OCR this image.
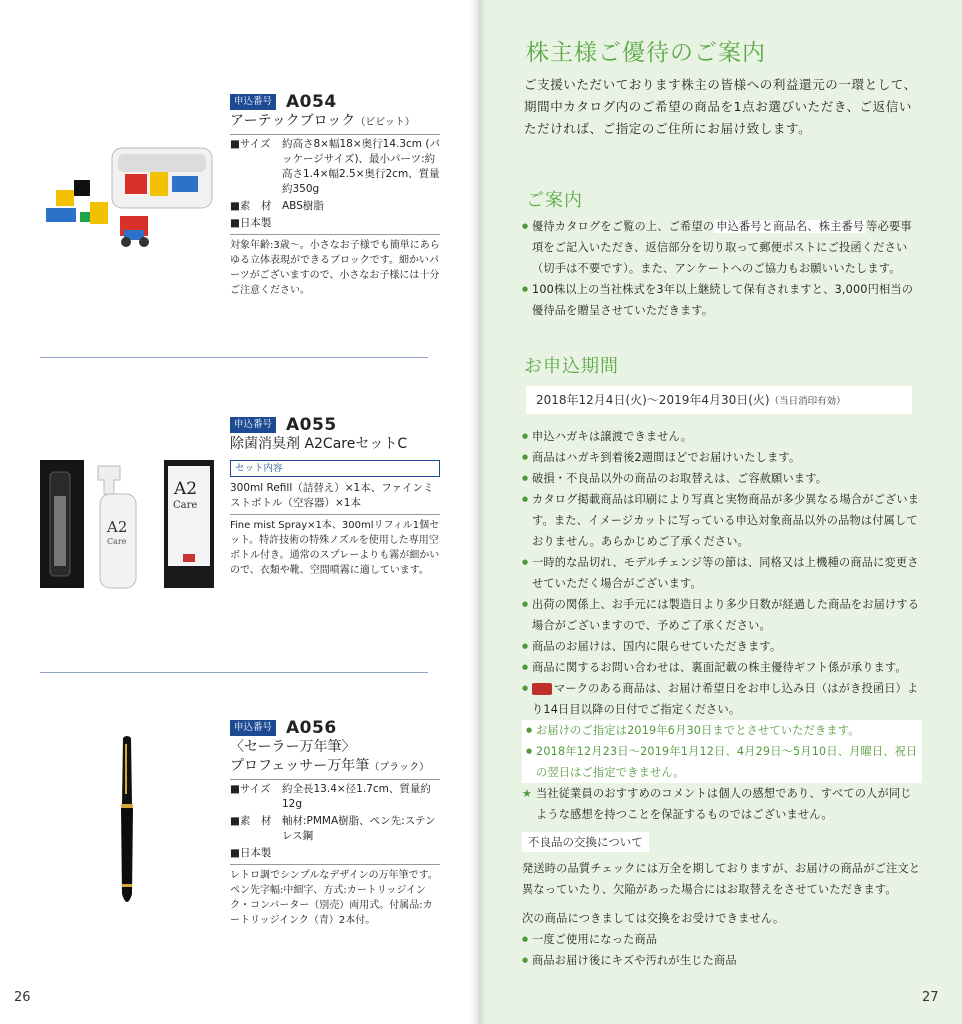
申込番号 A054
アーテックブロック（ビビット）
■サイズ	約高さ8×幅18×奥行14.3cm (パッケージサイズ)、最小パーツ:約高さ1.4×幅2.5×奥行2cm、質量約350g
■素　材	ABS樹脂
■日本製
対象年齢:3歳～。小さなお子様でも簡単にあらゆる立体表現ができるブロックです。細かいパーツがございますので、小さなお子様には十分ご注意ください。
A2
Care
A2
Care
申込番号 A055
除菌消臭剤 A2CareセットC
セット内容
300ml Refill（詰替え）×1本、ファインミストボトル（空容器）×1本
Fine mist Spray×1本、300mlリフィル1個セット。特許技術の特殊ノズルを使用した専用空ボトル付き。通常のスプレーよりも霧が細かいので、衣類や靴、空間噴霧に適しています。
申込番号 A056
〈セーラー万年筆〉
プロフェッサー万年筆（ブラック）
■サイズ	約全長13.4×径1.7cm、質量約12g
■素　材	軸材:PMMA樹脂、ペン先:ステンレス鋼
■日本製
レトロ調でシンプルなデザインの万年筆です。ペン先字幅:中細字、方式:カートリッジインク・コンバーター（別売）両用式。付属品:カートリッジインク（青）2本付。
26
株主様ご優待のご案内
ご支援いただいております株主の皆様への利益還元の一環として、期間中カタログ内のご希望の商品を1点お選びいただき、ご返信いただければ、ご指定のご住所にお届け致します。
ご案内
● 優待カタログをご覧の上、ご希望の 申込番号と商品名、株主番号 等必要事項をご記入いただき、返信部分を切り取って郵便ポストにご投函ください（切手は不要です）。また、アンケートへのご協力もお願いいたします。
● 100株以上の当社株式を3年以上継続して保有されますと、3,000円相当の優待品を贈呈させていただきます。
お申込期間
2018年12月4日(火)～2019年4月30日(火)（当日消印有効）
● 申込ハガキは譲渡できません。
● 商品はハガキ到着後2週間ほどでお届けいたします。
● 破損・不良品以外の商品のお取替えは、ご容赦願います。
● カタログ掲載商品は印刷により写真と実物商品が多少異なる場合がございます。また、イメージカットに写っている申込対象商品以外の品物は付属しておりません。あらかじめご了承ください。
● 一時的な品切れ、モデルチェンジ等の節は、同格又は上機種の商品に変更させていただく場合がございます。
● 出荷の関係上、お手元には製造日より多少日数が経過した商品をお届けする場合がございますので、予めご了承ください。
● 商品のお届けは、国内に限らせていただきます。
● 商品に関するお問い合わせは、裏面記載の株主優待ギフト係が承ります。
● マークのある商品は、お届け希望日をお申し込み日（はがき投函日）より14日目以降の日付でご指定ください。
● お届けのご指定は2019年6月30日までとさせていただきます。
● 2018年12月23日～2019年1月12日、4月29日～5月10日、月曜日、祝日の翌日はご指定できません。
★ 当社従業員のおすすめのコメントは個人の感想であり、すべての人が同じような感想を持つことを保証するものではございません。
不良品の交換について
発送時の品質チェックには万全を期しておりますが、お届けの商品がご注文と異なっていたり、欠陥があった場合にはお取替えをさせていただきます。
次の商品につきましては交換をお受けできません。
● 一度ご使用になった商品
● 商品お届け後にキズや汚れが生じた商品
27
